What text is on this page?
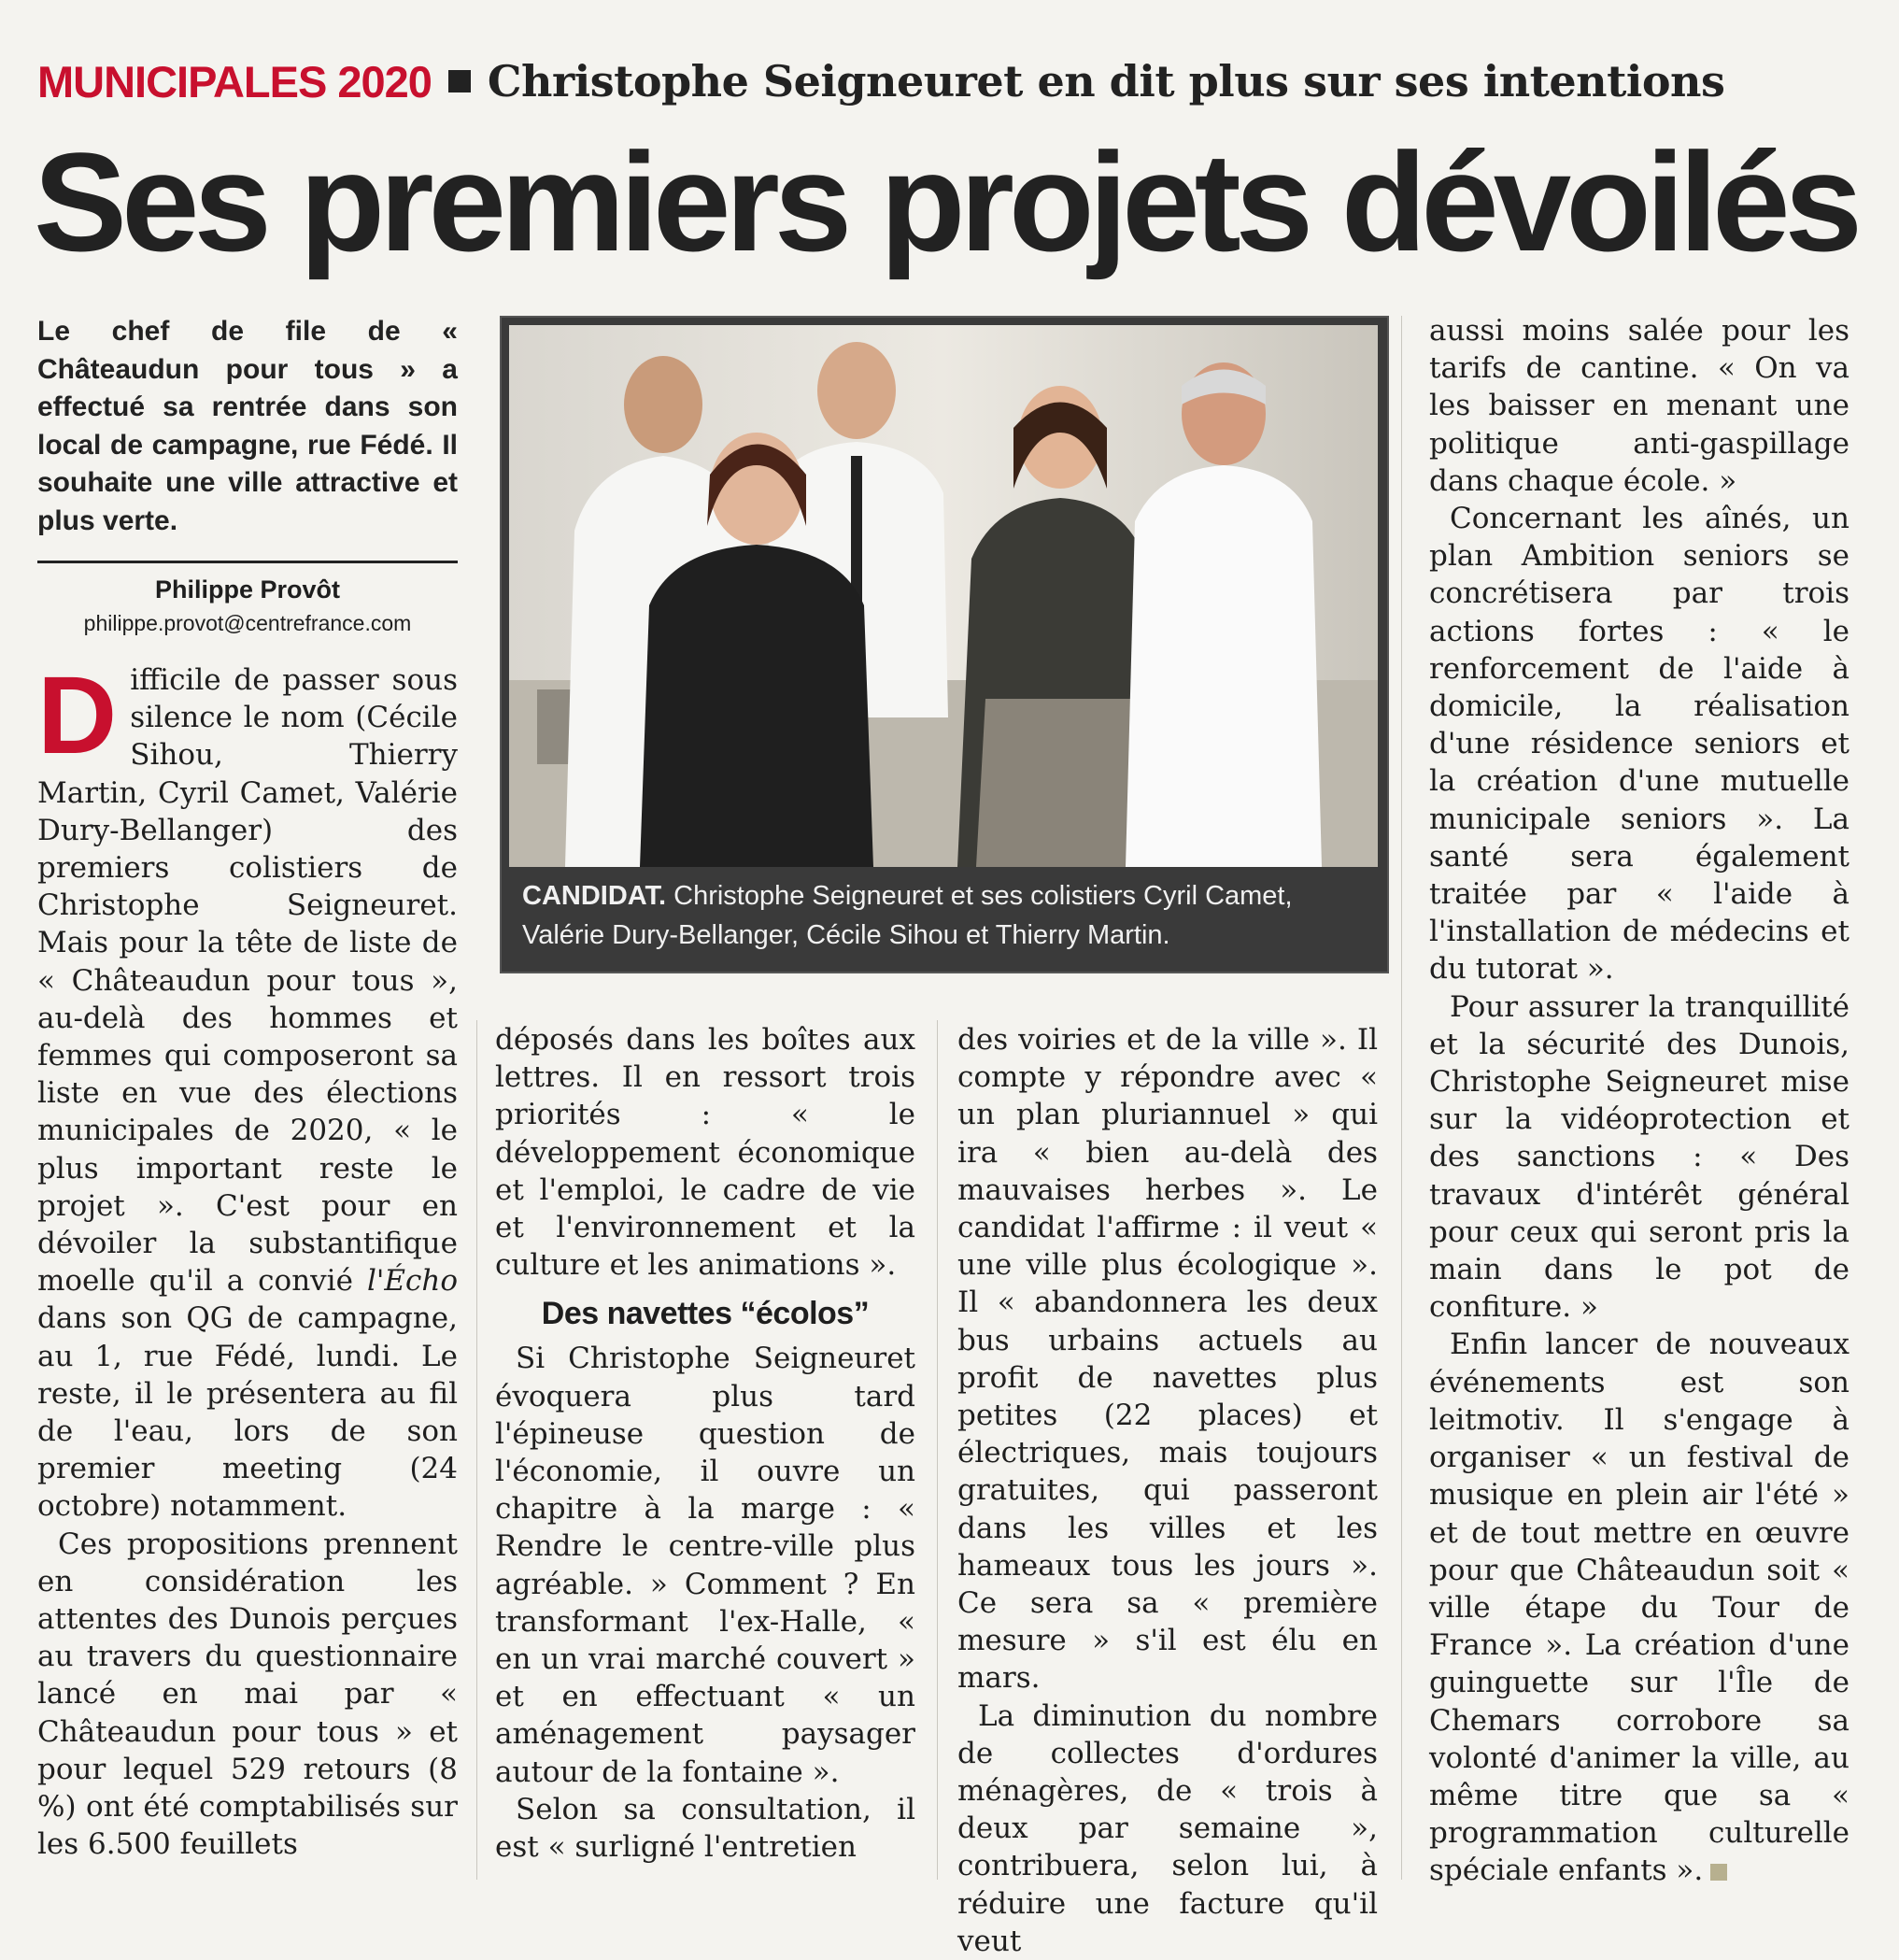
MUNICIPALES 2020 Christophe Seigneuret en dit plus sur ses intentions
Ses premiers projets dévoilés
Le chef de file de « Châteaudun pour tous » a effectué sa rentrée dans son local de campagne, rue Fédé. Il souhaite une ville attractive et plus verte.
Philippe Provôt
philippe.provot@centrefrance.com
CANDIDAT. Christophe Seigneuret et ses colistiers Cyril Camet, Valérie Dury-Bellanger, Cécile Sihou et Thierry Martin.

Difficile de passer sous silence le nom (Cécile Sihou, Thierry Martin, Cyril Camet, Valérie Dury-Bellanger) des premiers colistiers de Christophe Seigneuret. Mais pour la tête de liste de « Châteaudun pour tous », au-delà des hommes et femmes qui composeront sa liste en vue des élections municipales de 2020, « le plus important reste le projet ». C'est pour en dévoiler la substantifique moelle qu'il a convié l'Écho dans son QG de campagne, au 1, rue Fédé, lundi. Le reste, il le présentera au fil de l'eau, lors de son premier meeting (24 octobre) notamment.

Ces propositions prennent en considération les attentes des Dunois perçues au travers du questionnaire lancé en mai par « Châteaudun pour tous » et pour lequel 529 retours (8 %) ont été comptabilisés sur les 6.500 feuillets

déposés dans les boîtes aux lettres. Il en ressort trois priorités : « le développement économique et l'emploi, le cadre de vie et l'environnement et la culture et les animations ».

Des navettes “écolos”

Si Christophe Seigneuret évoquera plus tard l'épineuse question de l'économie, il ouvre un chapitre à la marge : « Rendre le centre-ville plus agréable. » Comment ? En transformant l'ex-Halle, « en un vrai marché couvert » et en effectuant « un aménagement paysager autour de la fontaine ».

Selon sa consultation, il est « surligné l'entretien

des voiries et de la ville ». Il compte y répondre avec « un plan pluriannuel » qui ira « bien au-delà des mauvaises herbes ». Le candidat l'affirme : il veut « une ville plus écologique ». Il « abandonnera les deux bus urbains actuels au profit de navettes plus petites (22 places) et électriques, mais toujours gratuites, qui passeront dans les villes et les hameaux tous les jours ». Ce sera sa « première mesure » s'il est élu en mars.

La diminution du nombre de collectes d'ordures ménagères, de « trois à deux par semaine », contribuera, selon lui, à réduire une facture qu'il veut

aussi moins salée pour les tarifs de cantine. « On va les baisser en menant une politique anti-gaspillage dans chaque école. »

Concernant les aînés, un plan Ambition seniors se concrétisera par trois actions fortes : « le renforcement de l'aide à domicile, la réalisation d'une résidence seniors et la création d'une mutuelle municipale seniors ». La santé sera également traitée par « l'aide à l'installation de médecins et du tutorat ».

Pour assurer la tranquillité et la sécurité des Dunois, Christophe Seigneuret mise sur la vidéoprotection et des sanctions : « Des travaux d'intérêt général pour ceux qui seront pris la main dans le pot de confiture. »

Enfin lancer de nouveaux événements est son leitmotiv. Il s'engage à organiser « un festival de musique en plein air l'été » et de tout mettre en œuvre pour que Châteaudun soit « ville étape du Tour de France ». La création d'une guinguette sur l'Île de Chemars corrobore sa volonté d'animer la ville, au même titre que sa « programmation culturelle spéciale enfants ».
